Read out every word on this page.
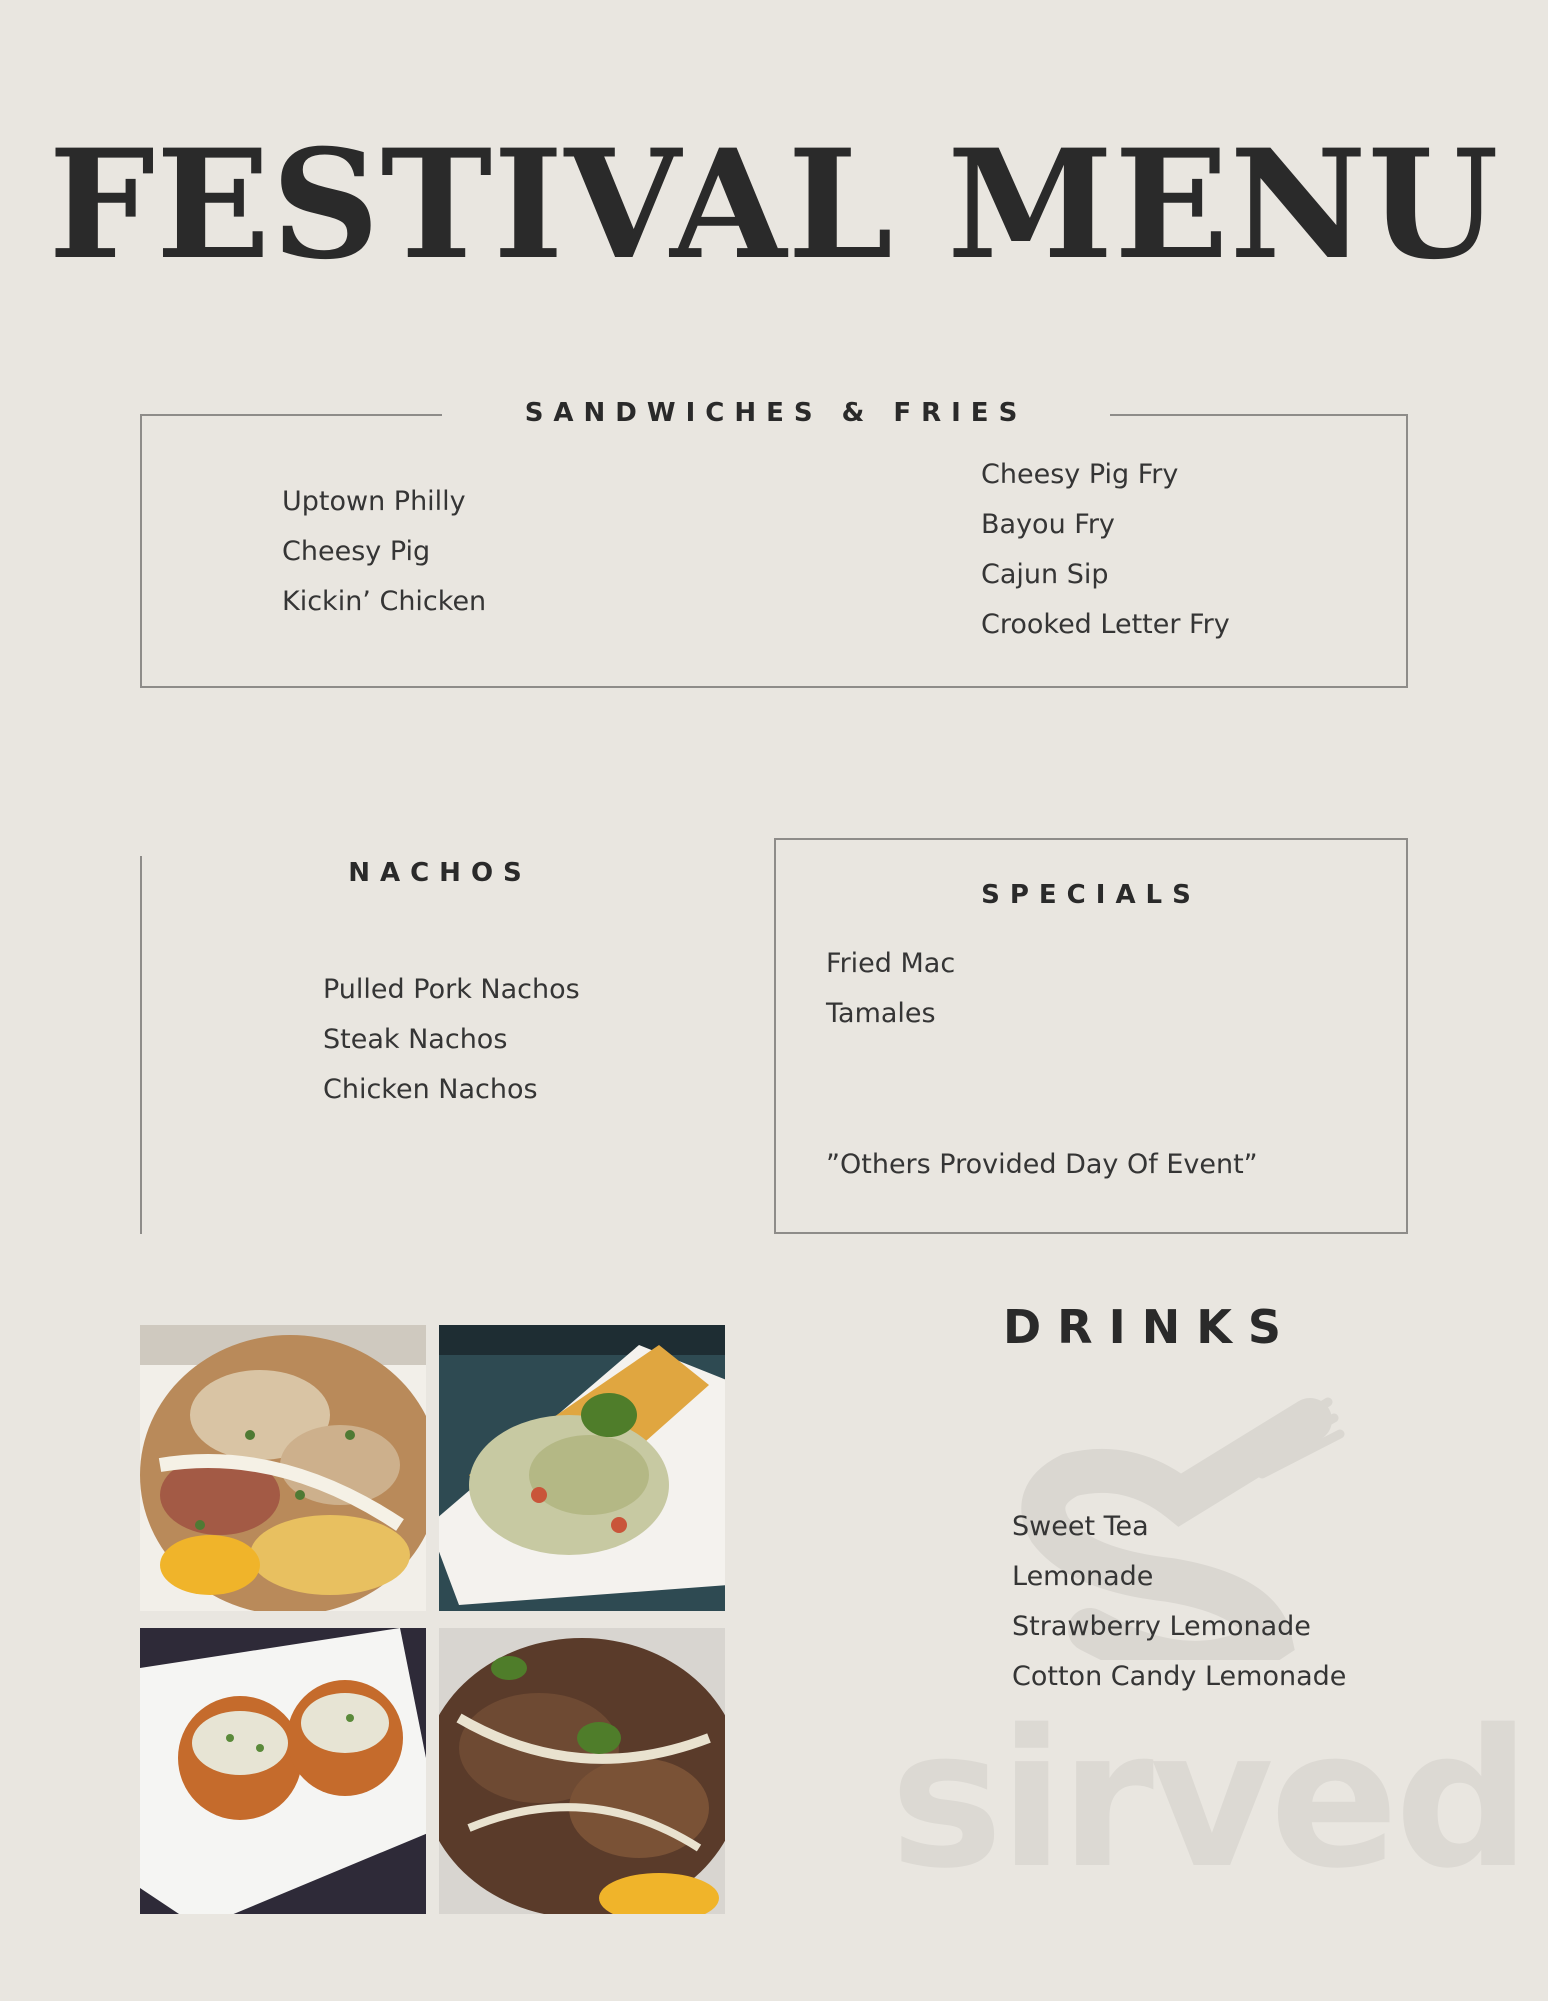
FESTIVAL MENU
SANDWICHES & FRIES
Uptown Philly
Cheesy Pig
Kickin’ Chicken
Cheesy Pig Fry
Bayou Fry
Cajun Sip
Crooked Letter Fry
NACHOS
Pulled Pork Nachos
Steak Nachos
Chicken Nachos
SPECIALS
Fried Mac
Tamales
”Others Provided Day Of Event”
sirved
DRINKS
Sweet Tea
Lemonade
Strawberry Lemonade
Cotton Candy Lemonade
